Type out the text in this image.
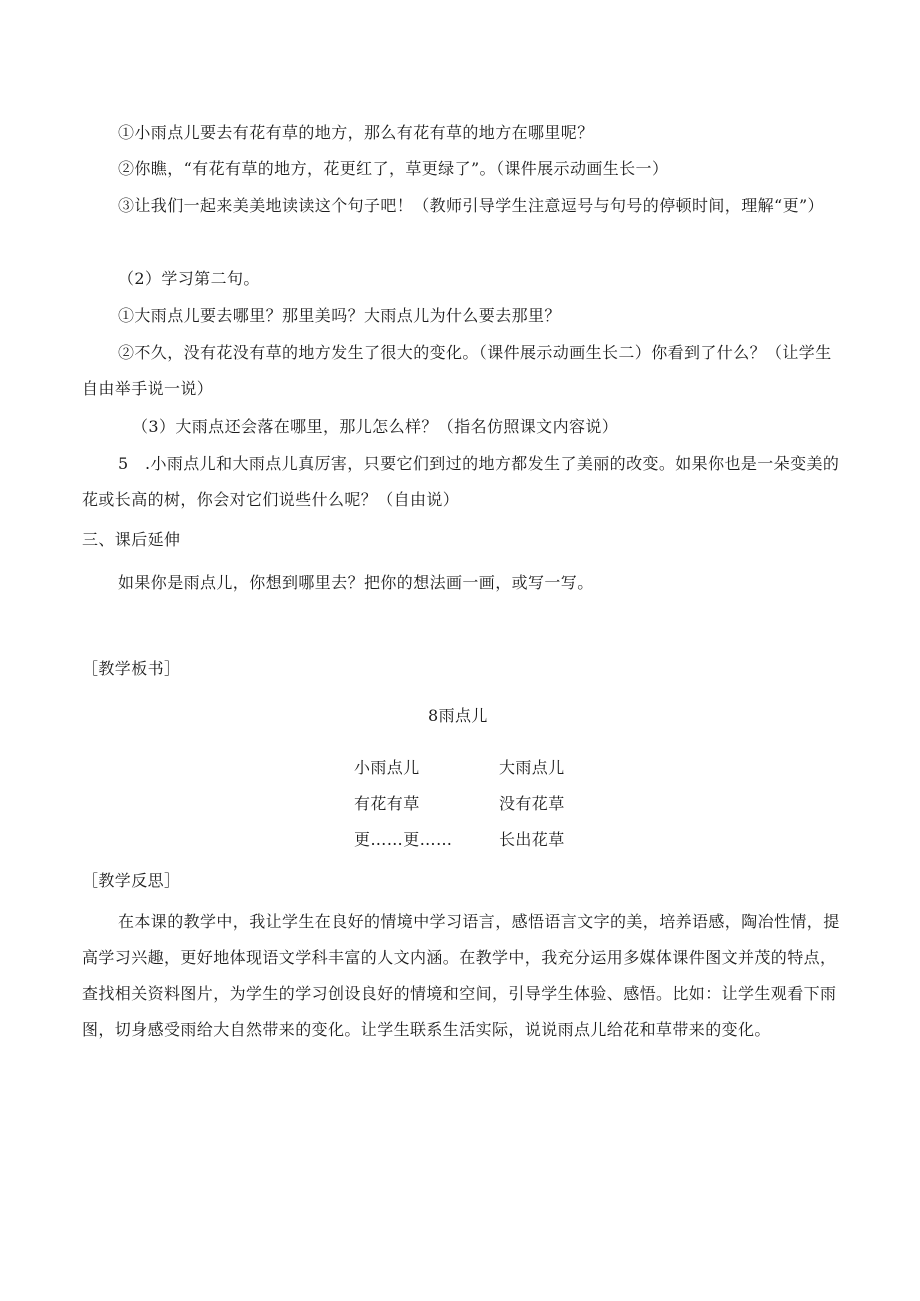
①小雨点儿要去有花有草的地方，那么有花有草的地方在哪里呢？
②你瞧，“有花有草的地方，花更红了，草更绿了”。（课件展示动画生长一）
③让我们一起来美美地读读这个句子吧！（教师引导学生注意逗号与句号的停顿时间，理解“更”）
（2）学习第二句。
①大雨点儿要去哪里？那里美吗？大雨点儿为什么要去那里？
②不久，没有花没有草的地方发生了很大的变化。（课件展示动画生长二）你看到了什么？（让学生自由举手说一说）
（3）大雨点还会落在哪里，那儿怎么样？（指名仿照课文内容说）
5　.小雨点儿和大雨点儿真厉害，只要它们到过的地方都发生了美丽的改变。如果你也是一朵变美的花或长高的树，你会对它们说些什么呢？（自由说）
三、课后延伸
如果你是雨点儿，你想到哪里去？把你的想法画一画，或写一写。
［教学板书］
8雨点儿
小雨点儿	大雨点儿
有花有草	没有花草
更……更……	长出花草
［教学反思］
在本课的教学中，我让学生在良好的情境中学习语言，感悟语言文字的美，培养语感，陶冶性情，提高学习兴趣，更好地体现语文学科丰富的人文内涵。在教学中，我充分运用多媒体课件图文并茂的特点，查找相关资料图片，为学生的学习创设良好的情境和空间，引导学生体验、感悟。比如：让学生观看下雨图，切身感受雨给大自然带来的变化。让学生联系生活实际，说说雨点儿给花和草带来的变化。
